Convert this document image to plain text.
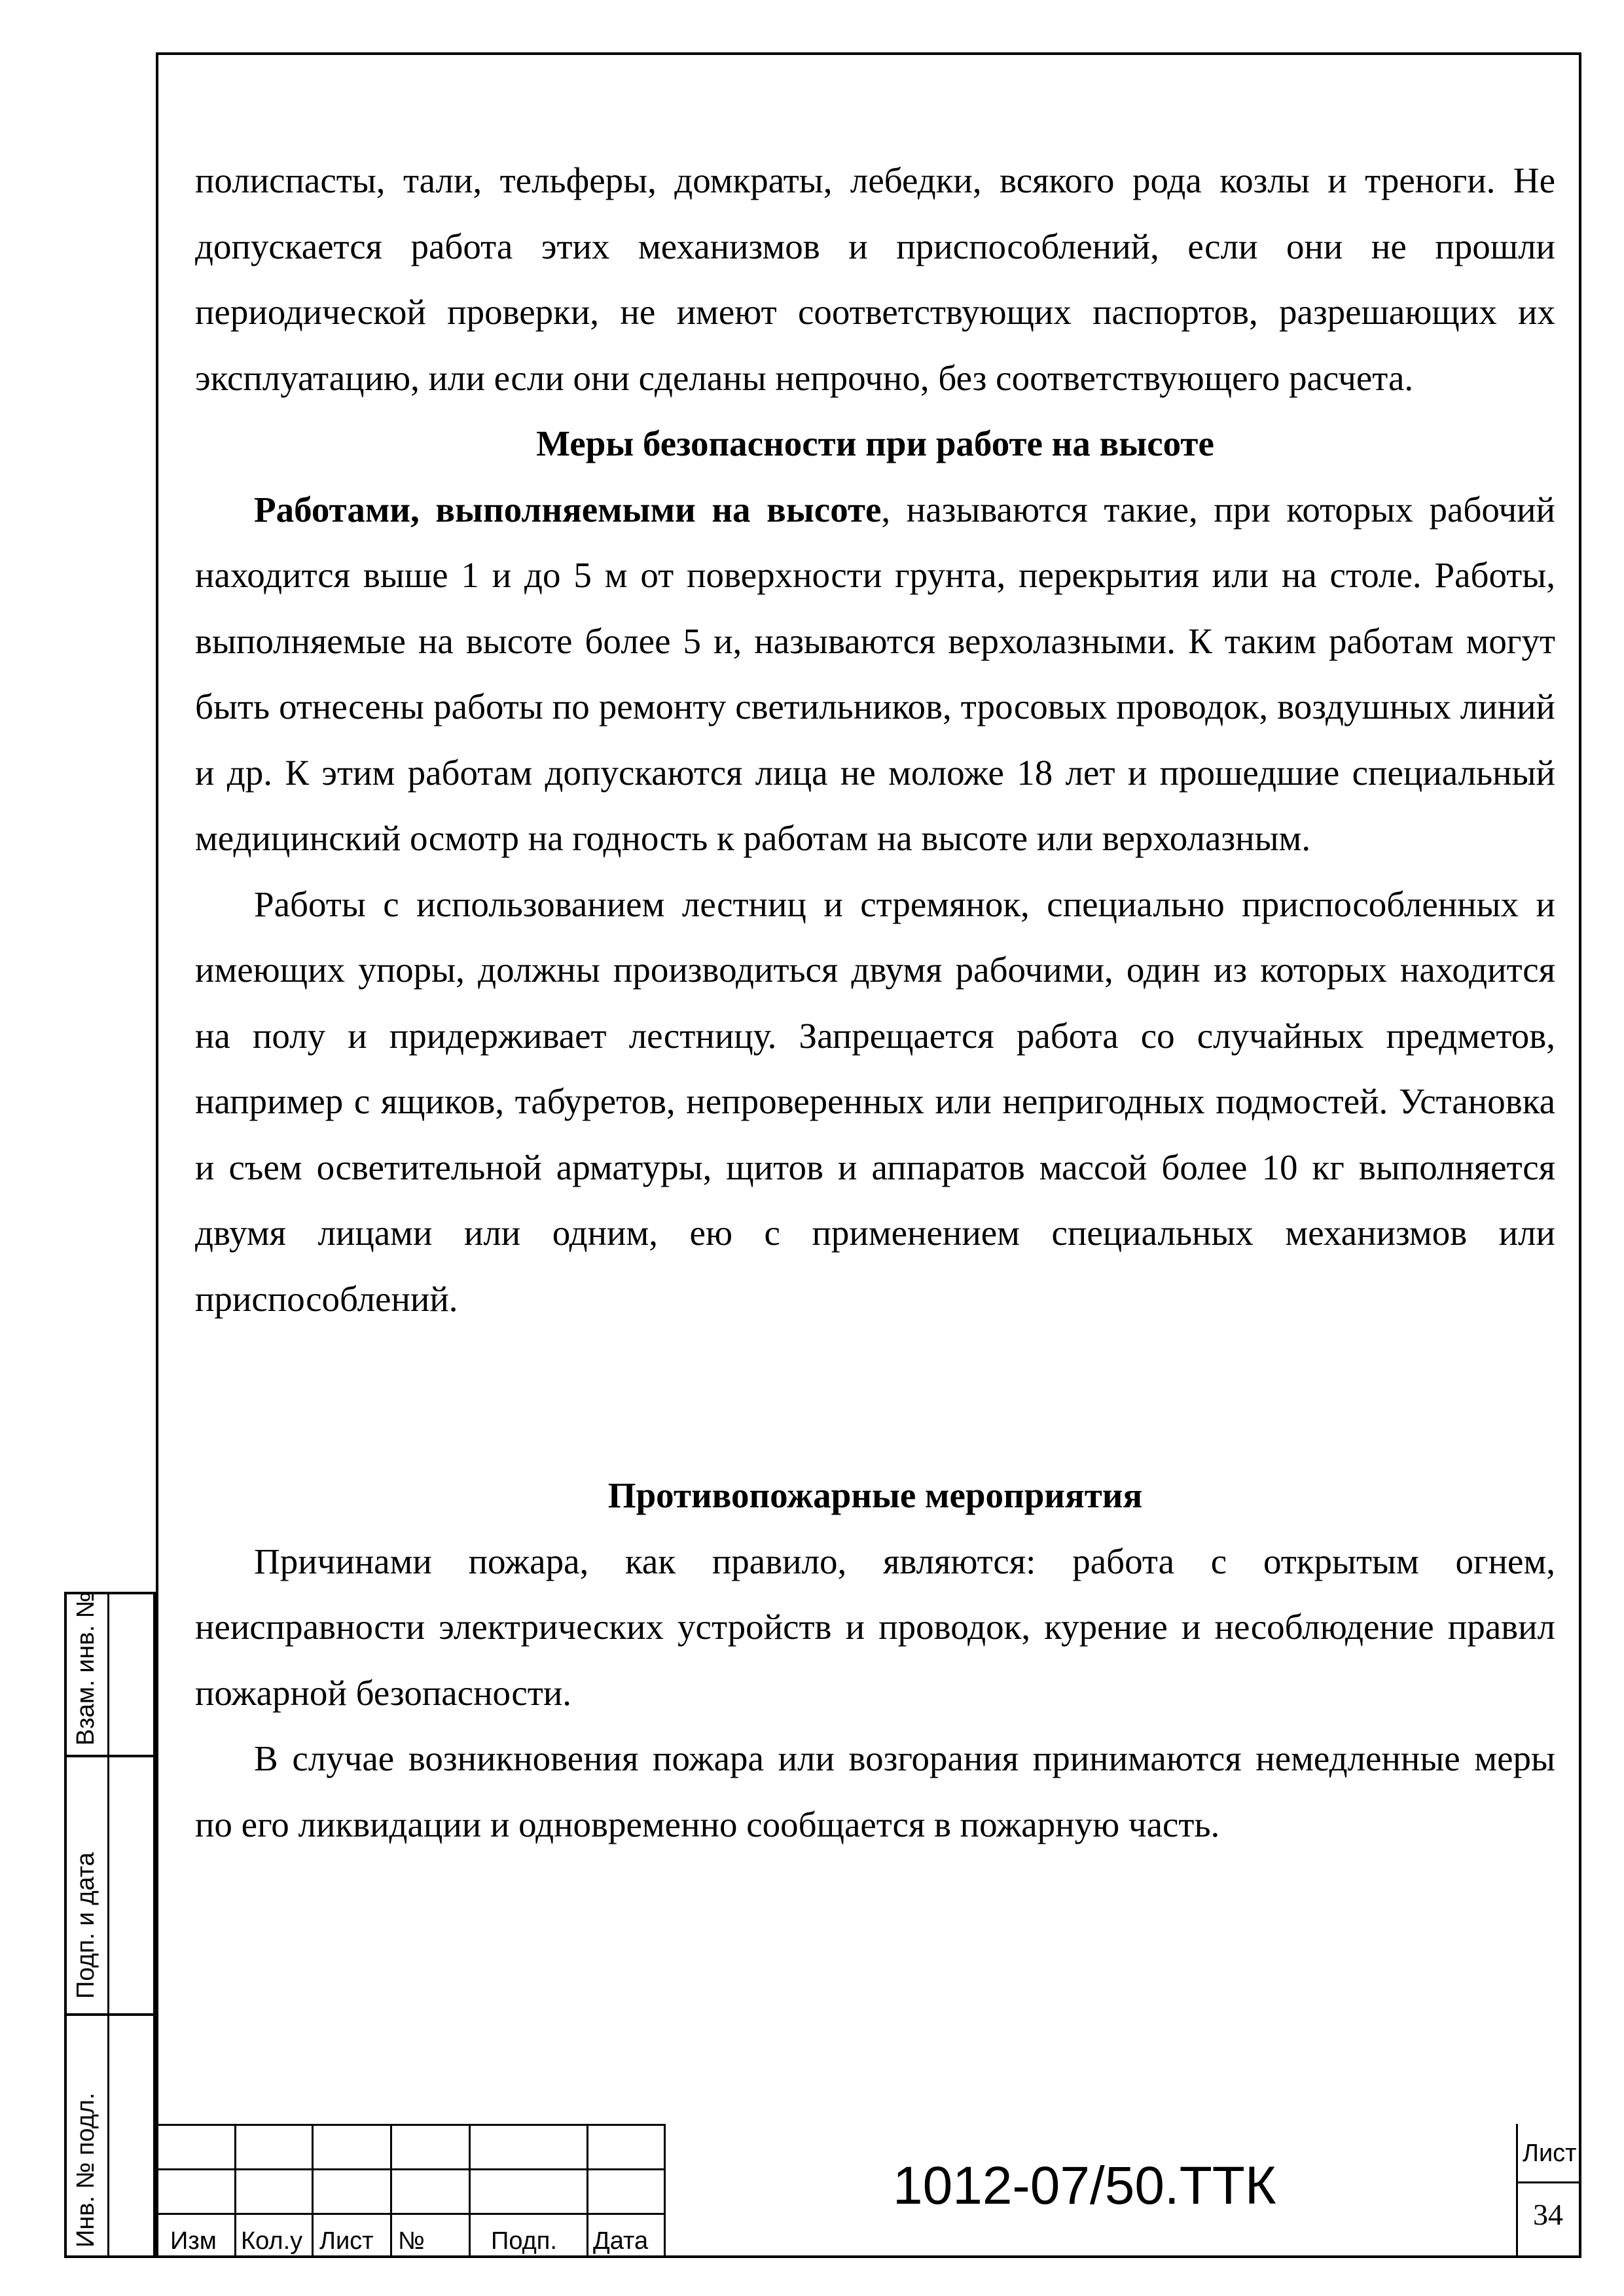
полиспасты, тали, тельферы, домкраты, лебедки, всякого рода козлы и треноги. Не допускается работа этих механизмов и приспособлений, если они не прошли периодической проверки, не имеют соответствующих паспортов, разрешающих их эксплуатацию, или если они сделаны непрочно, без соответствующего расчета.

Меры безопасности при работе на высоте

Работами, выполняемыми на высоте, называются такие, при которых рабочий находится выше 1 и до 5 м от поверхности грунта, перекрытия или на столе. Работы, выполняемые на высоте более 5 и, называются верхолазными. К таким работам могут быть отнесены работы по ремонту светильников, тросовых проводок, воздушных линий и др. К этим работам допускаются лица не моложе 18 лет и прошедшие специальный медицинский осмотр на годность к работам на высоте или верхолазным.

Работы с использованием лестниц и стремянок, специально приспособленных и имеющих упоры, должны производиться двумя рабочими, один из которых находится на полу и придерживает лестницу. Запрещается работа со случайных предметов, например с ящиков, табуретов, непроверенных или непригодных подмостей. Установка и съем осветительной арматуры, щитов и аппаратов массой более 10 кг выполняется двумя лицами или одним, ею с применением специальных механизмов или приспособлений.

Противопожарные мероприятия

Причинами пожара, как правило, являются: работа с открытым огнем, неисправности электрических устройств и проводок, курение и несоблюдение правил пожарной безопасности.

В случае возникновения пожара или возгорания принимаются немедленные меры по его ликвидации и одновременно сообщается в пожарную часть.

Взам. инв. №
Подп. и дата
Инв. № подл.	Изм Кол.у Лист №	Подп. Дата
1012-07/50.ТТК
Лист
34
